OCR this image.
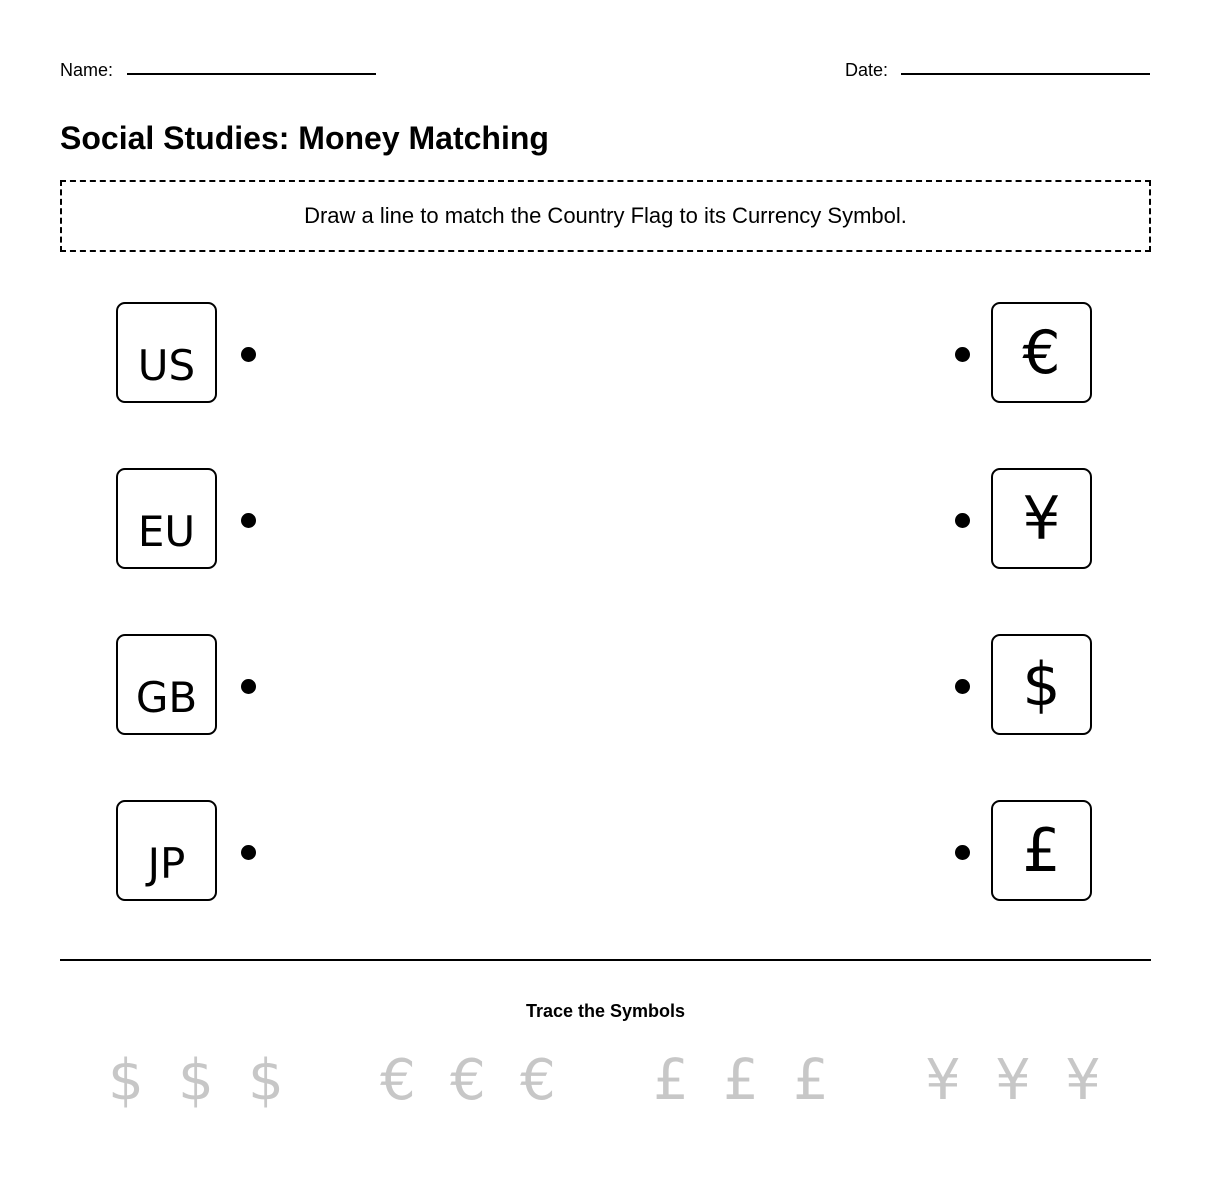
Name:	Date:
Social Studies: Money Matching
Draw a line to match the Country Flag to its Currency Symbol.
US
EU
GB
JP
€
¥
$
£
Trace the Symbols
$ $ $ € € € £ £ £ ¥ ¥ ¥
